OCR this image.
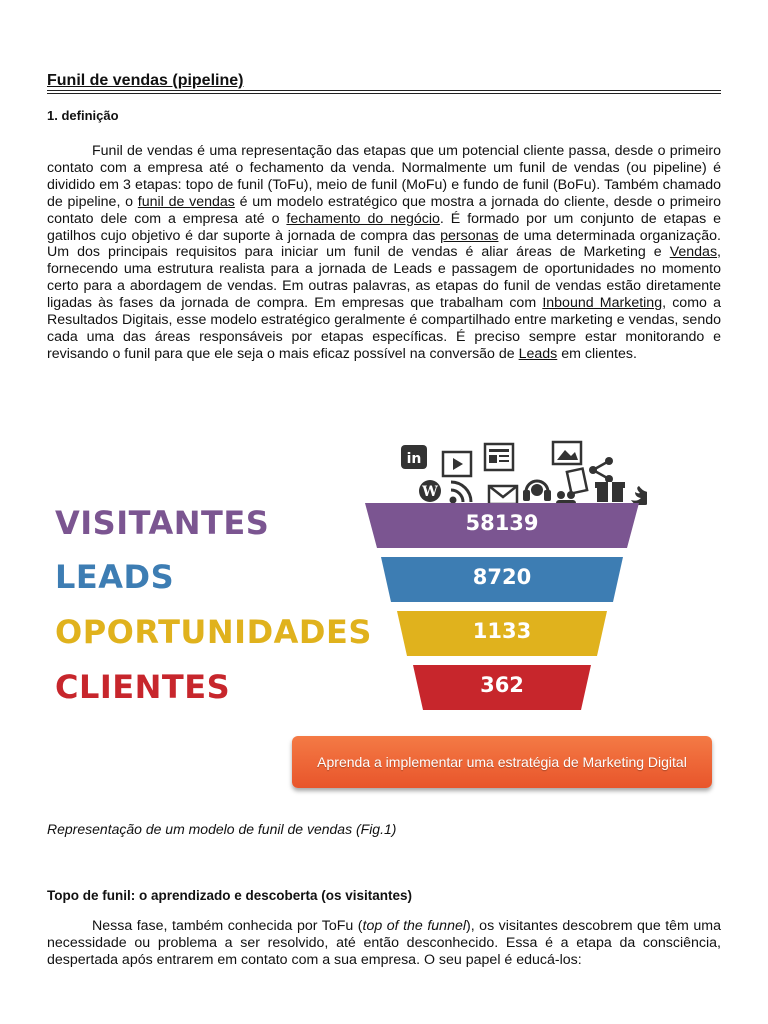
Funil de vendas (pipeline)
1. definição

Funil de vendas é uma representação das etapas que um potencial cliente passa, desde o primeiro contato com a empresa até o fechamento da venda. Normalmente um funil de vendas (ou pipeline) é dividido em 3 etapas: topo de funil (ToFu), meio de funil (MoFu) e fundo de funil (BoFu). Também chamado de pipeline, o funil de vendas é um modelo estratégico que mostra a jornada do cliente, desde o primeiro contato dele com a empresa até o fechamento do negócio. É formado por um conjunto de etapas e gatilhos cujo objetivo é dar suporte à jornada de compra das personas de uma determinada organização. Um dos principais requisitos para iniciar um funil de vendas é aliar áreas de Marketing e Vendas, fornecendo uma estrutura realista para a jornada de Leads e passagem de oportunidades no momento certo para a abordagem de vendas. Em outras palavras, as etapas do funil de vendas estão diretamente ligadas às fases da jornada de compra. Em empresas que trabalham com Inbound Marketing, como a Resultados Digitais, esse modelo estratégico geralmente é compartilhado entre marketing e vendas, sendo cada uma das áreas responsáveis por etapas específicas. É preciso sempre estar monitorando e revisando o funil para que ele seja o mais eficaz possível na conversão de Leads em clientes.

in
W
VISITANTES
LEADS
OPORTUNIDADES
CLIENTES
58139
8720
1133
362
Aprenda a implementar uma estratégia de Marketing Digital

Representação de um modelo de funil de vendas (Fig.1)

Topo de funil: o aprendizado e descoberta (os visitantes)

Nessa fase, também conhecida por ToFu (top of the funnel), os visitantes descobrem que têm uma necessidade ou problema a ser resolvido, até então desconhecido. Essa é a etapa da consciência, despertada após entrarem em contato com a sua empresa. O seu papel é educá-los:
